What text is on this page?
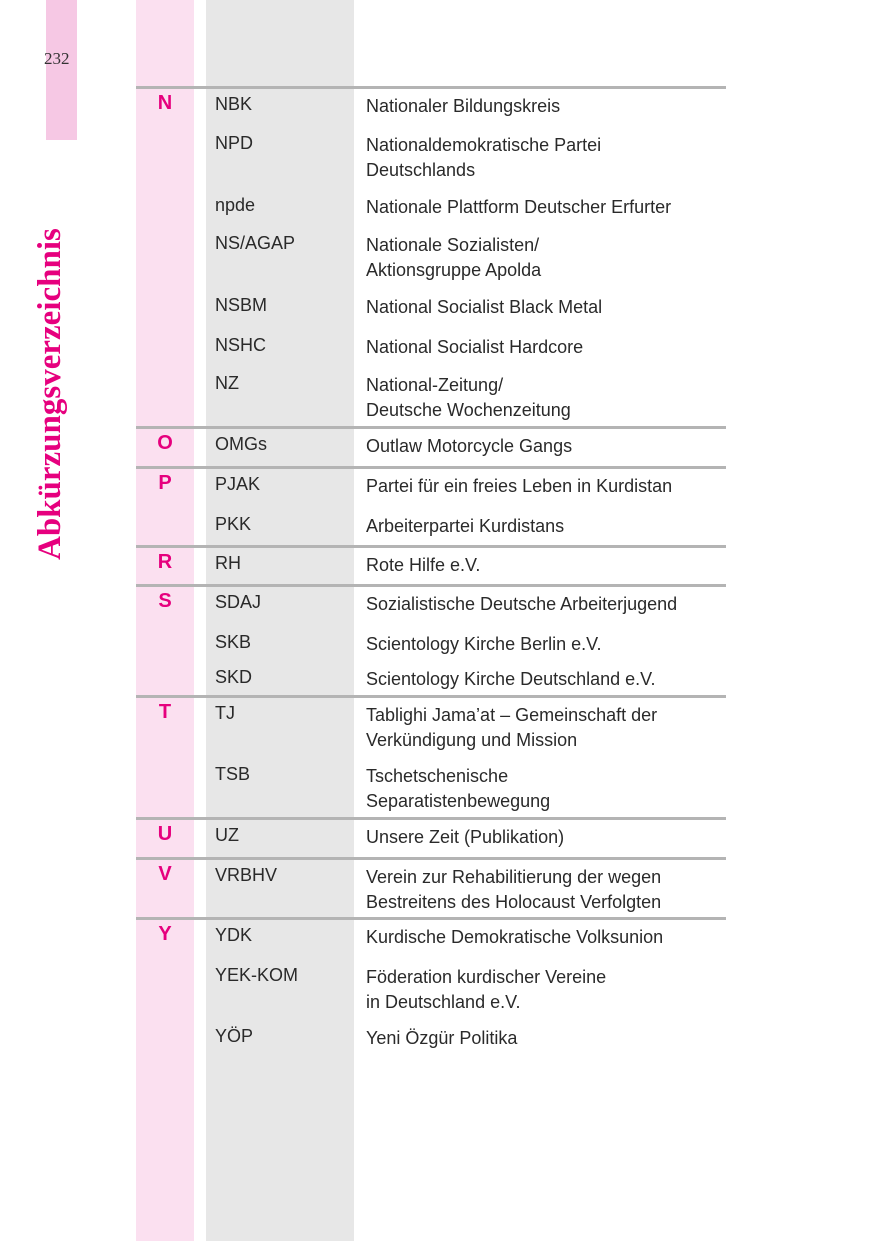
232
Abkürzungsverzeichnis
N	NBK	Nationaler Bildungskreis
NPD	Nationaldemokratische Partei
Deutschlands
npde	Nationale Plattform Deutscher Erfurter
NS/AGAP	Nationale Sozialisten/
Aktionsgruppe Apolda
NSBM	National Socialist Black Metal
NSHC	National Socialist Hardcore
NZ	National-Zeitung/
Deutsche Wochenzeitung
O	OMGs	Outlaw Motorcycle Gangs
P	PJAK	Partei für ein freies Leben in Kurdistan
PKK	Arbeiterpartei Kurdistans
R	RH	Rote Hilfe e.V.
S	SDAJ	Sozialistische Deutsche Arbeiterjugend
SKB	Scientology Kirche Berlin e.V.
SKD	Scientology Kirche Deutschland e.V.
T	TJ	Tablighi Jama’at – Gemeinschaft der
Verkündigung und Mission
TSB	Tschetschenische
Separatistenbewegung
U	UZ	Unsere Zeit (Publikation)
V	VRBHV	Verein zur Rehabilitierung der wegen
Bestreitens des Holocaust Verfolgten
Y	YDK	Kurdische Demokratische Volksunion
YEK-KOM	Föderation kurdischer Vereine
in Deutschland e.V.
YÖP	Yeni Özgür Politika
